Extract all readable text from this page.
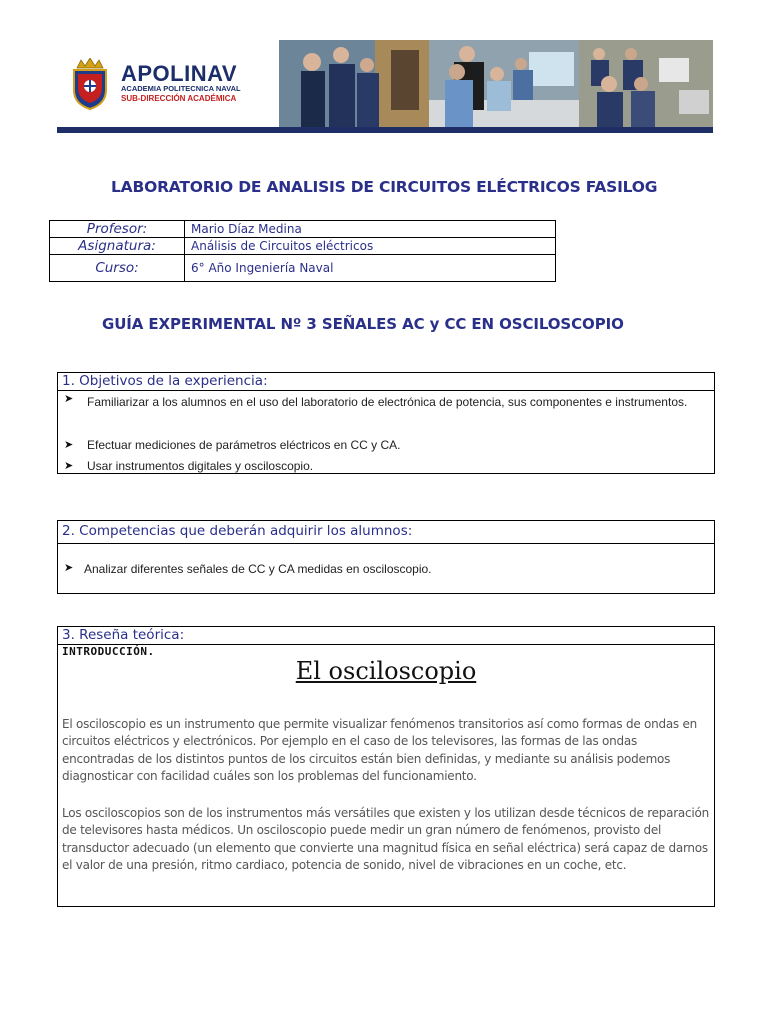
APOLINAV
ACADEMIA POLITECNICA NAVAL
SUB-DIRECCIÓN ACADÉMICA
LABORATORIO DE ANALISIS DE CIRCUITOS ELÉCTRICOS FASILOG
Profesor:	Mario Díaz Medina
Asignatura:	Análisis de Circuitos eléctricos
Curso:	6° Año Ingeniería Naval
GUÍA EXPERIMENTAL Nº 3 SEÑALES AC y CC EN OSCILOSCOPIO
1. Objetivos de la experiencia:
➤ Familiarizar a los alumnos en el uso del laboratorio de electrónica de potencia, sus componentes e instrumentos.
➤ Efectuar mediciones de parámetros eléctricos en CC y CA.
➤ Usar instrumentos digitales y osciloscopio.
2. Competencias que deberán adquirir los alumnos:
➤ Analizar diferentes señales de CC y CA medidas en osciloscopio.
3. Reseña teórica:
INTRODUCCIÓN.
El osciloscopio
El osciloscopio es un instrumento que permite visualizar fenómenos transitorios así como formas de ondas en circuitos eléctricos y electrónicos. Por ejemplo en el caso de los televisores, las formas de las ondas encontradas de los distintos puntos de los circuitos están bien definidas, y mediante su análisis podemos diagnosticar con facilidad cuáles son los problemas del funcionamiento.
Los osciloscopios son de los instrumentos más versátiles que existen y los utilizan desde técnicos de reparación de televisores hasta médicos. Un osciloscopio puede medir un gran número de fenómenos, provisto del transductor adecuado (un elemento que convierte una magnitud física en señal eléctrica) será capaz de darnos el valor de una presión, ritmo cardiaco, potencia de sonido, nivel de vibraciones en un coche, etc.
